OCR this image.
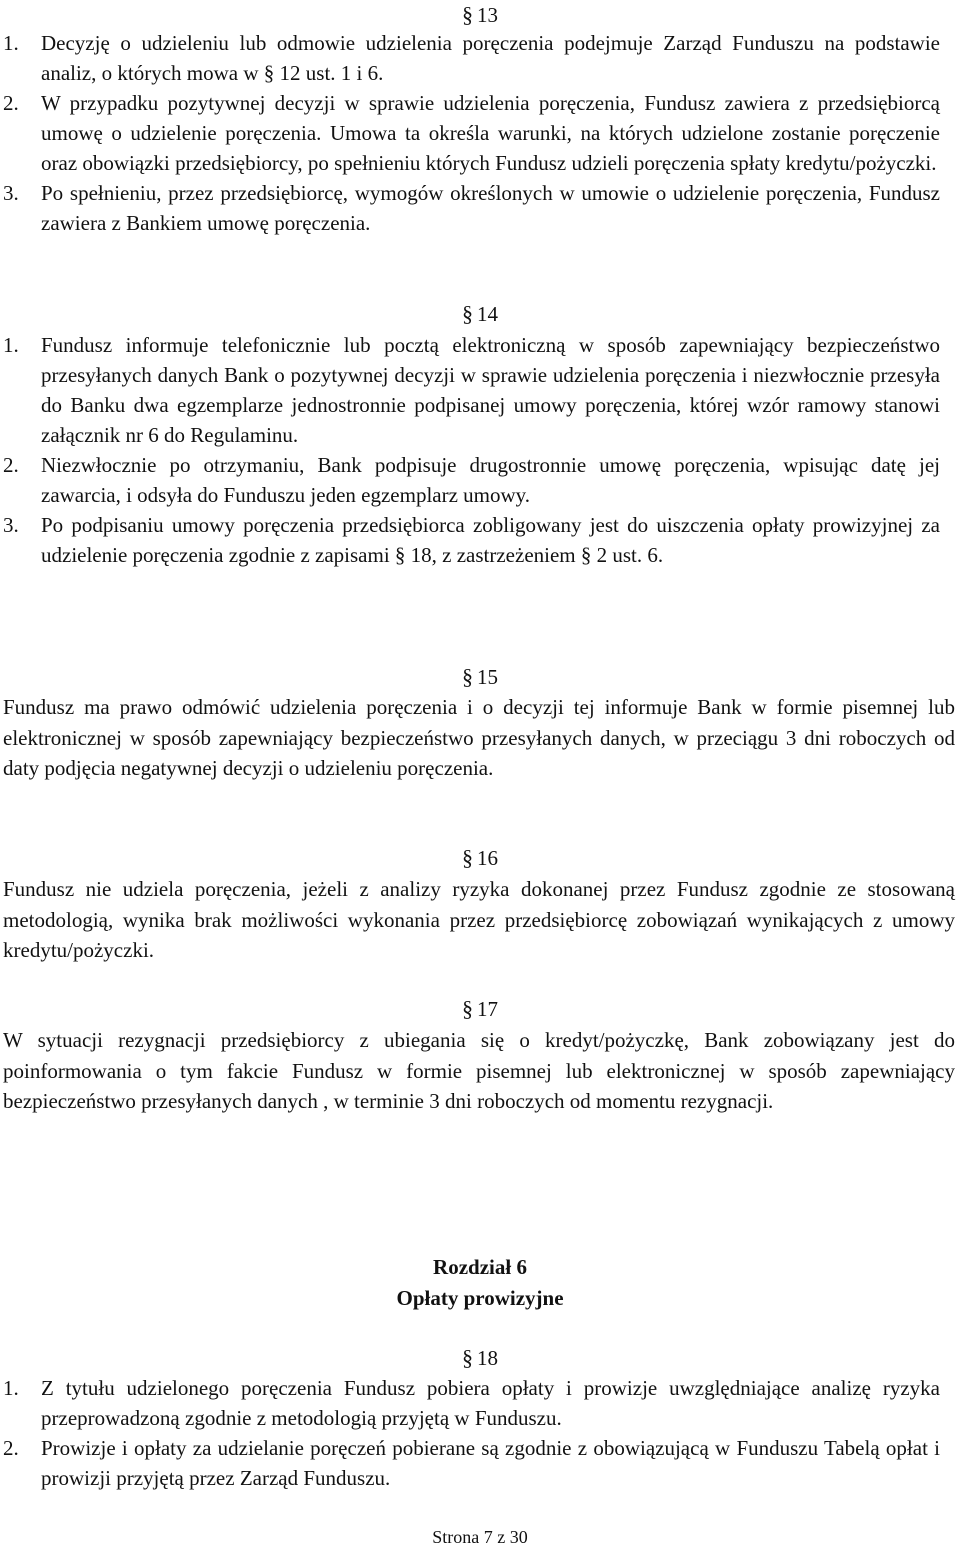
§ 13
1. Decyzję o udzieleniu lub odmowie udzielenia poręczenia podejmuje Zarząd Funduszu na podstawie analiz, o których mowa w § 12 ust. 1 i 6.
2. W przypadku pozytywnej decyzji w sprawie udzielenia poręczenia, Fundusz zawiera z przedsiębiorcą umowę o udzielenie poręczenia. Umowa ta określa warunki, na których udzielone zostanie poręczenie oraz obowiązki przedsiębiorcy, po spełnieniu których Fundusz udzieli poręczenia spłaty kredytu/pożyczki.
3. Po spełnieniu, przez przedsiębiorcę, wymogów określonych w umowie o udzielenie poręczenia, Fundusz zawiera z Bankiem umowę poręczenia.
§ 14
1. Fundusz informuje telefonicznie lub pocztą elektroniczną w sposób zapewniający bezpieczeństwo przesyłanych danych Bank o pozytywnej decyzji w sprawie udzielenia poręczenia i niezwłocznie przesyła do Banku dwa egzemplarze jednostronnie podpisanej umowy poręczenia, której wzór ramowy stanowi załącznik nr 6 do Regulaminu.
2. Niezwłocznie po otrzymaniu, Bank podpisuje drugostronnie umowę poręczenia, wpisując datę jej zawarcia, i odsyła do Funduszu jeden egzemplarz umowy.
3. Po podpisaniu umowy poręczenia przedsiębiorca zobligowany jest do uiszczenia opłaty prowizyjnej za udzielenie poręczenia zgodnie z zapisami § 18, z zastrzeżeniem § 2 ust. 6.
§ 15
Fundusz ma prawo odmówić udzielenia poręczenia i o decyzji tej informuje Bank w formie pisemnej lub elektronicznej w sposób zapewniający bezpieczeństwo przesyłanych danych, w przeciągu 3 dni roboczych od daty podjęcia negatywnej decyzji o udzieleniu poręczenia.
§ 16
Fundusz nie udziela poręczenia, jeżeli z analizy ryzyka dokonanej przez Fundusz zgodnie ze stosowaną metodologią, wynika brak możliwości wykonania przez przedsiębiorcę zobowiązań wynikających z umowy kredytu/pożyczki.
§ 17
W sytuacji rezygnacji przedsiębiorcy z ubiegania się o kredyt/pożyczkę, Bank zobowiązany jest do poinformowania o tym fakcie Fundusz w formie pisemnej lub elektronicznej w sposób zapewniający bezpieczeństwo przesyłanych danych , w terminie 3 dni roboczych od momentu rezygnacji.
Rozdział 6
Opłaty prowizyjne
§ 18
1. Z tytułu udzielonego poręczenia Fundusz pobiera opłaty i prowizje uwzględniające analizę ryzyka przeprowadzoną zgodnie z metodologią przyjętą w Funduszu.
2. Prowizje i opłaty za udzielanie poręczeń pobierane są zgodnie z obowiązującą w Funduszu Tabelą opłat i prowizji przyjętą przez Zarząd Funduszu.
Strona 7 z 30
